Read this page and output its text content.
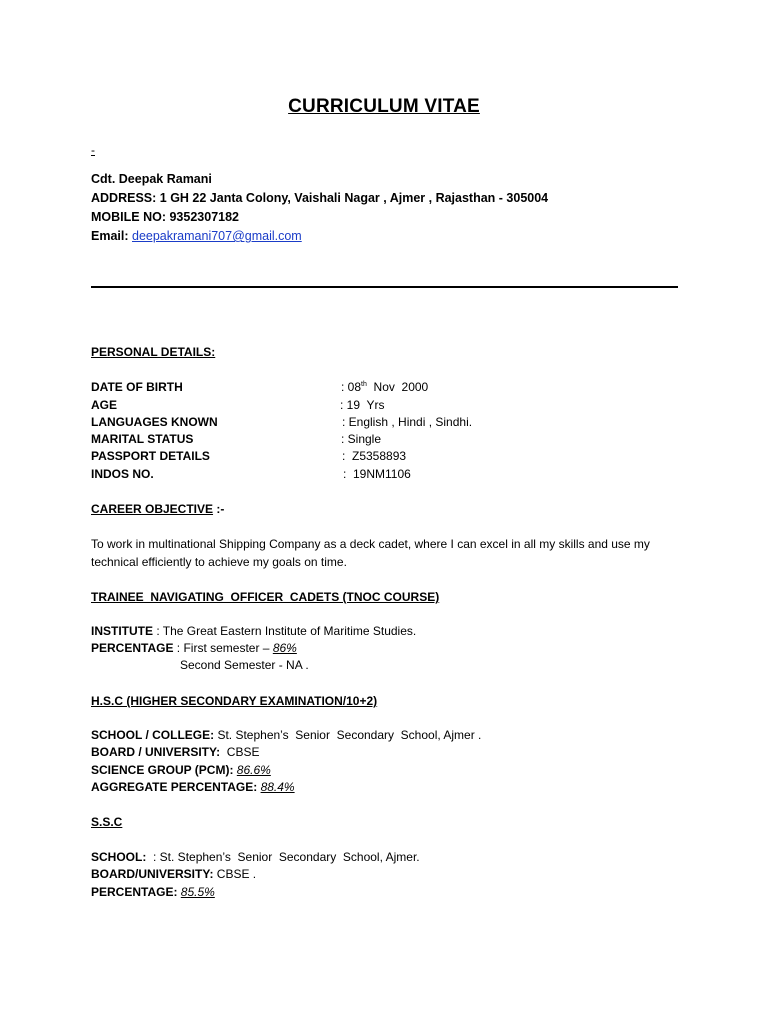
CURRICULUM VITAE
-
Cdt. Deepak Ramani
ADDRESS: 1 GH 22 Janta Colony, Vaishali Nagar , Ajmer , Rajasthan - 305004
MOBILE NO: 9352307182
Email: deepakramani707@gmail.com
PERSONAL DETAILS:
DATE OF BIRTH	: 08th  Nov  2000
AGE	: 19  Yrs
LANGUAGES KNOWN	: English , Hindi , Sindhi.
MARITAL STATUS	: Single
PASSPORT DETAILS	:  Z5358893
INDOS NO.	:  19NM1106
CAREER OBJECTIVE :-
To work in multinational Shipping Company as a deck cadet, where I can excel in all my skills and use my technical efficiently to achieve my goals on time.
TRAINEE  NAVIGATING  OFFICER  CADETS (TNOC COURSE)
INSTITUTE : The Great Eastern Institute of Maritime Studies.
PERCENTAGE : First semester – 86%
Second Semester - NA .
H.S.C (HIGHER SECONDARY EXAMINATION/10+2)
SCHOOL / COLLEGE: St. Stephen’s  Senior  Secondary  School, Ajmer .
BOARD / UNIVERSITY:  CBSE
SCIENCE GROUP (PCM): 86.6%
AGGREGATE PERCENTAGE: 88.4%
S.S.C
SCHOOL:  : St. Stephen’s  Senior  Secondary  School, Ajmer.
BOARD/UNIVERSITY: CBSE .
PERCENTAGE: 85.5%
